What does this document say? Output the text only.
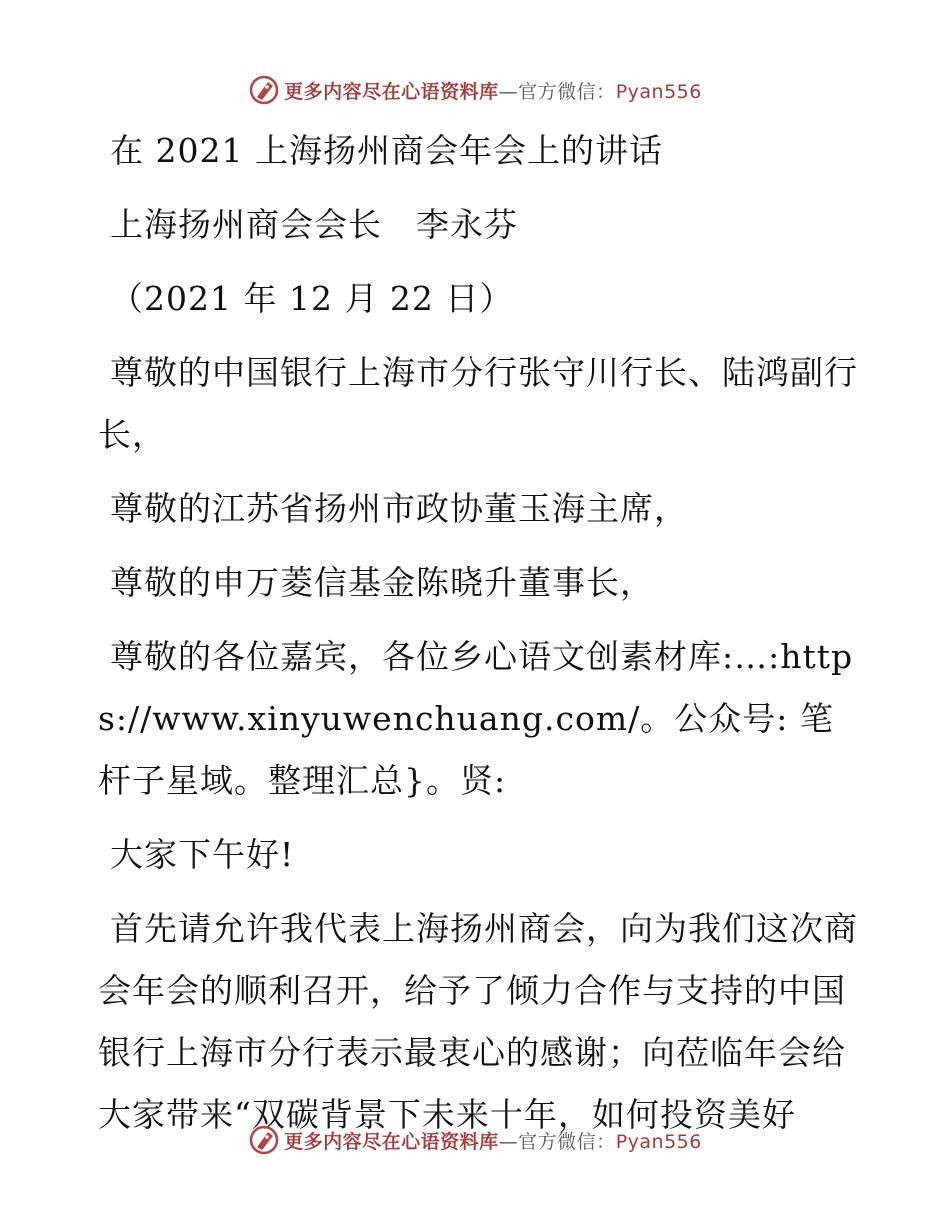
更多内容尽在心语资料库—官方微信：Pyan556
在 2021 上海扬州商会年会上的讲话
上海扬州商会会长　李永芬
（2021 年 12 月 22 日）
尊敬的中国银行上海市分行张守川行长、陆鸿副行长，
尊敬的江苏省扬州市政协董玉海主席，
尊敬的申万菱信基金陈晓升董事长，
尊敬的各位嘉宾，各位乡心语文创素材库:…:https://www.xinyuwenchuang.com/。公众号: 笔杆子星域。整理汇总}。贤:
大家下午好!
首先请允许我代表上海扬州商会，向为我们这次商会年会的顺利召开，给予了倾力合作与支持的中国银行上海市分行表示最衷心的感谢；向莅临年会给大家带来“双碳背景下未来十年，如何投资美好
更多内容尽在心语资料库—官方微信：Pyan556
